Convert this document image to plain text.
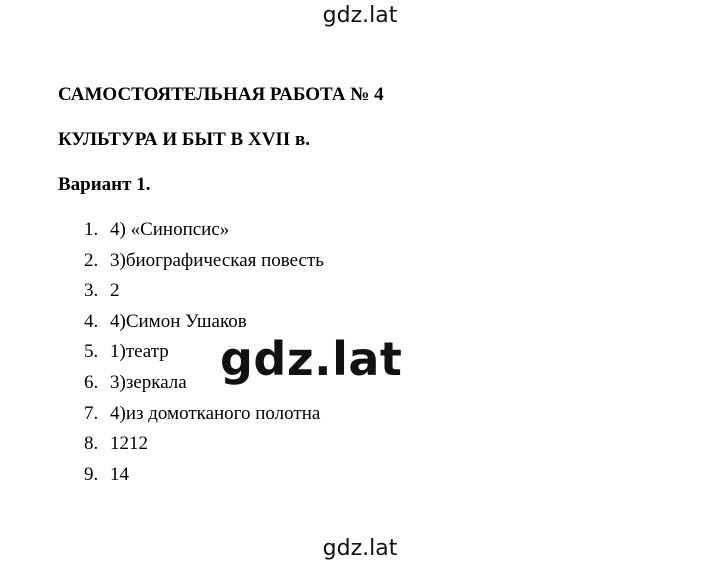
gdz.lat
САМОСТОЯТЕЛЬНАЯ РАБОТА № 4
КУЛЬТУРА И БЫТ В XVII в.
Вариант 1.
1. 4) «Синопсис»
2. 3)биографическая повесть
3. 2
4. 4)Симон Ушаков
5. 1)театр
6. 3)зеркала
7. 4)из домотканого полотна
8. 1212
9. 14
gdz.lat
gdz.lat
